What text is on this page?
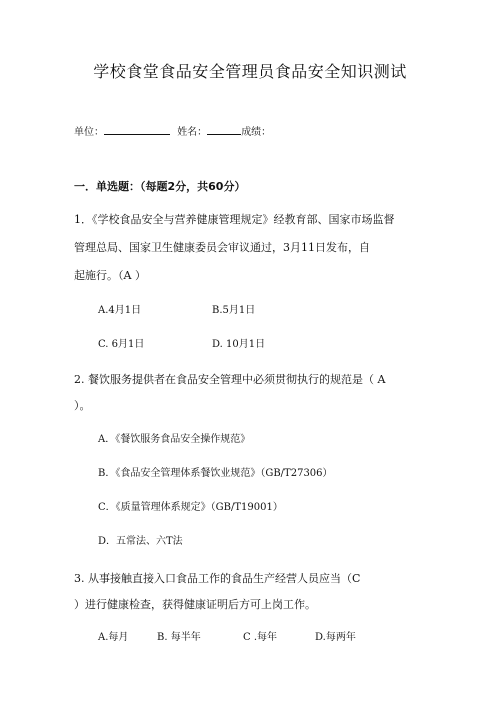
学校食堂食品安全管理员食品安全知识测试
单位：	姓名：	成绩：
一．单选题：（每题2分，共60分）
1．《学校食品安全与营养健康管理规定》经教育部、国家市场监督
管理总局、国家卫生健康委员会审议通过，3月11日发布，自
起施行。（A ）
A.4月1日	B.5月1日
C. 6月1日	D. 10月1日
2. 餐饮服务提供者在食品安全管理中必须贯彻执行的规范是（ A
）。
A．《餐饮服务食品安全操作规范》
B．《食品安全管理体系餐饮业规范》（GB/T27306）
C．《质量管理体系规定》（GB/T19001）
D．五常法、六T法
3. 从事接触直接入口食品工作的食品生产经营人员应当（C
）进行健康检查，获得健康证明后方可上岗工作。
A.每月	B. 每半年	C .每年	D.每两年
